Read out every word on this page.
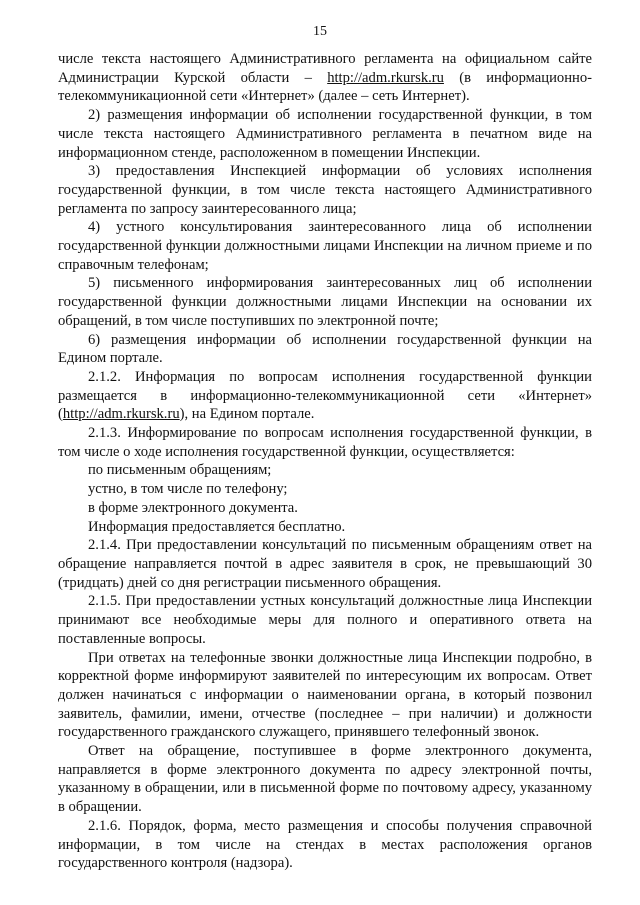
15

числе текста настоящего Административного регламента на официальном сайте Администрации Курской области – http://adm.rkursk.ru (в информационно-телекоммуникационной сети «Интернет» (далее – сеть Интернет).

2) размещения информации об исполнении государственной функции, в том числе текста настоящего Административного регламента в печатном виде на информационном стенде, расположенном в помещении Инспекции.

3) предоставления Инспекцией информации об условиях исполнения государственной функции, в том числе текста настоящего Административного регламента по запросу заинтересованного лица;

4) устного консультирования заинтересованного лица об исполнении государственной функции должностными лицами Инспекции на личном приеме и по справочным телефонам;

5) письменного информирования заинтересованных лиц об исполнении государственной функции должностными лицами Инспекции на основании их обращений, в том числе поступивших по электронной почте;

6) размещения информации об исполнении государственной функции на Едином портале.

2.1.2. Информация по вопросам исполнения государственной функции размещается в информационно-телекоммуникационной сети «Интернет» (http://adm.rkursk.ru), на Едином портале.

2.1.3. Информирование по вопросам исполнения государственной функции, в том числе о ходе исполнения государственной функции, осуществляется:

по письменным обращениям;

устно, в том числе по телефону;

в форме электронного документа.

Информация предоставляется бесплатно.

2.1.4. При предоставлении консультаций по письменным обращениям ответ на обращение направляется почтой в адрес заявителя в срок, не превышающий 30 (тридцать) дней со дня регистрации письменного обращения.

2.1.5. При предоставлении устных консультаций должностные лица Инспекции принимают все необходимые меры для полного и оперативного ответа на поставленные вопросы.

При ответах на телефонные звонки должностные лица Инспекции подробно, в корректной форме информируют заявителей по интересующим их вопросам. Ответ должен начинаться с информации о наименовании органа, в который позвонил заявитель, фамилии, имени, отчестве (последнее – при наличии) и должности государственного гражданского служащего, принявшего телефонный звонок.

Ответ на обращение, поступившее в форме электронного документа, направляется в форме электронного документа по адресу электронной почты, указанному в обращении, или в письменной форме по почтовому адресу, указанному в обращении.

2.1.6. Порядок, форма, место размещения и способы получения справочной информации, в том числе на стендах в местах расположения органов государственного контроля (надзора).
